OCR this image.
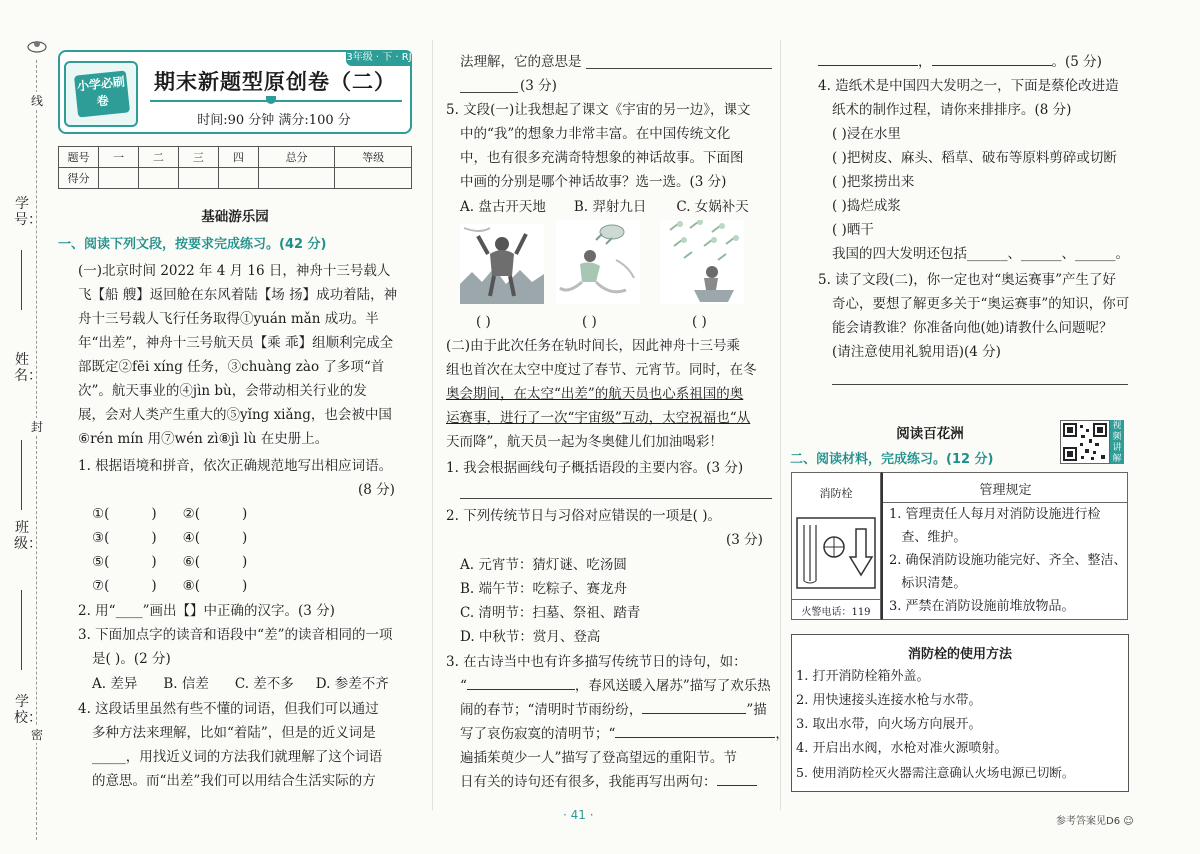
线
学号：
姓名：
封
班级：
学校：
密
小学必刷卷
3年级 · 下 · RJ
期末新题型原创卷（二）
时间:90 分钟 满分:100 分
题号	一	二	三	四	总分	等级
得分						
基础游乐园
一、阅读下列文段，按要求完成练习。(42 分)
(一)北京时间 2022 年 4 月 16 日，神舟十三号载人
飞【船 艘】返回舱在东风着陆【场 扬】成功着陆，神
舟十三号载人飞行任务取得①yuán mǎn 成功。半
年“出差”，神舟十三号航天员【乘 乖】组顺利完成全
部既定②fēi xíng 任务，③chuàng zào 了多项“首
次”。航天事业的④jìn bù，会带动相关行业的发
展，会对人类产生重大的⑤yǐng xiǎng，也会被中国
⑥rén mín 用⑦wén zì⑧jì lù 在史册上。
1. 根据语境和拼音，依次正确规范地写出相应词语。
(8 分)
①(	) ②(	)
③(	) ④(	)
⑤(	) ⑥(	)
⑦(	) ⑧(	)
2. 用“____”画出【】中正确的汉字。(3 分)
3. 下面加点字的读音和语段中“差”的读音相同的一项
是( )。(2 分)
A. 差异 B. 信差 C. 差不多 D. 参差不齐
4. 这段话里虽然有些不懂的词语，但我们可以通过
多种方法来理解，比如“着陆”，但是的近义词是
_____，用找近义词的方法我们就理解了这个词语
的意思。而“出差”我们可以用结合生活实际的方
法理解，它的意思是
(3 分)
5. 文段(一)让我想起了课文《宇宙的另一边》，课文
中的“我”的想象力非常丰富。在中国传统文化
中，也有很多充满奇特想象的神话故事。下面图
中画的分别是哪个神话故事？选一选。(3 分)
A. 盘古开天地 B. 羿射九日 C. 女娲补天
( )	( )	( )
(二)由于此次任务在轨时间长，因此神舟十三号乘
组也首次在太空中度过了春节、元宵节。同时，在冬
奥会期间，在太空“出差”的航天员也心系祖国的奥
运赛事，进行了一次“宇宙级”互动，太空祝福也“从
天而降”，航天员一起为冬奥健儿们加油喝彩！
1. 我会根据画线句子概括语段的主要内容。(3 分)
2. 下列传统节日与习俗对应错误的一项是( )。
(3 分)
A. 元宵节：猜灯谜、吃汤圆
B. 端午节：吃粽子、赛龙舟
C. 清明节：扫墓、祭祖、踏青
D. 中秋节：赏月、登高
3. 在古诗当中也有许多描写传统节日的诗句，如：
“	，春风送暖入屠苏”描写了欢乐热
闹的春节；“清明时节雨纷纷，	”描
写了哀伤寂寞的清明节；“	，
遍插茱萸少一人”描写了登高望远的重阳节。节
日有关的诗句还有很多，我能再写出两句：
，	。(5 分)
4. 造纸术是中国四大发明之一，下面是蔡伦改进造
纸术的制作过程，请你来排排序。(8 分)
( )浸在水里
( )把树皮、麻头、稻草、破布等原料剪碎或切断
( )把浆捞出来
( )捣烂成浆
( )晒干
我国的四大发明还包括______、______、______。
5. 读了文段(二)，你一定也对“奥运赛事”产生了好
奇心，要想了解更多关于“奥运赛事”的知识，你可
能会请教谁？你准备向他(她)请教什么问题呢？
(请注意使用礼貌用语)(4 分)
阅读百花洲	视频讲解
二、阅读材料，完成练习。(12 分)
消防栓
火警电话：119
管理规定
1. 管理责任人每月对消防设施进行检
查、维护。
2. 确保消防设施功能完好、齐全、整洁、
标识清楚。
3. 严禁在消防设施前堆放物品。
消防栓的使用方法
1. 打开消防栓箱外盖。
2. 用快速接头连接水枪与水带。
3. 取出水带，向火场方向展开。
4. 开启出水阀，水枪对准火源喷射。
5. 使用消防栓灭火器需注意确认火场电源已切断。
· 41 ·	参考答案见D6 ☺
